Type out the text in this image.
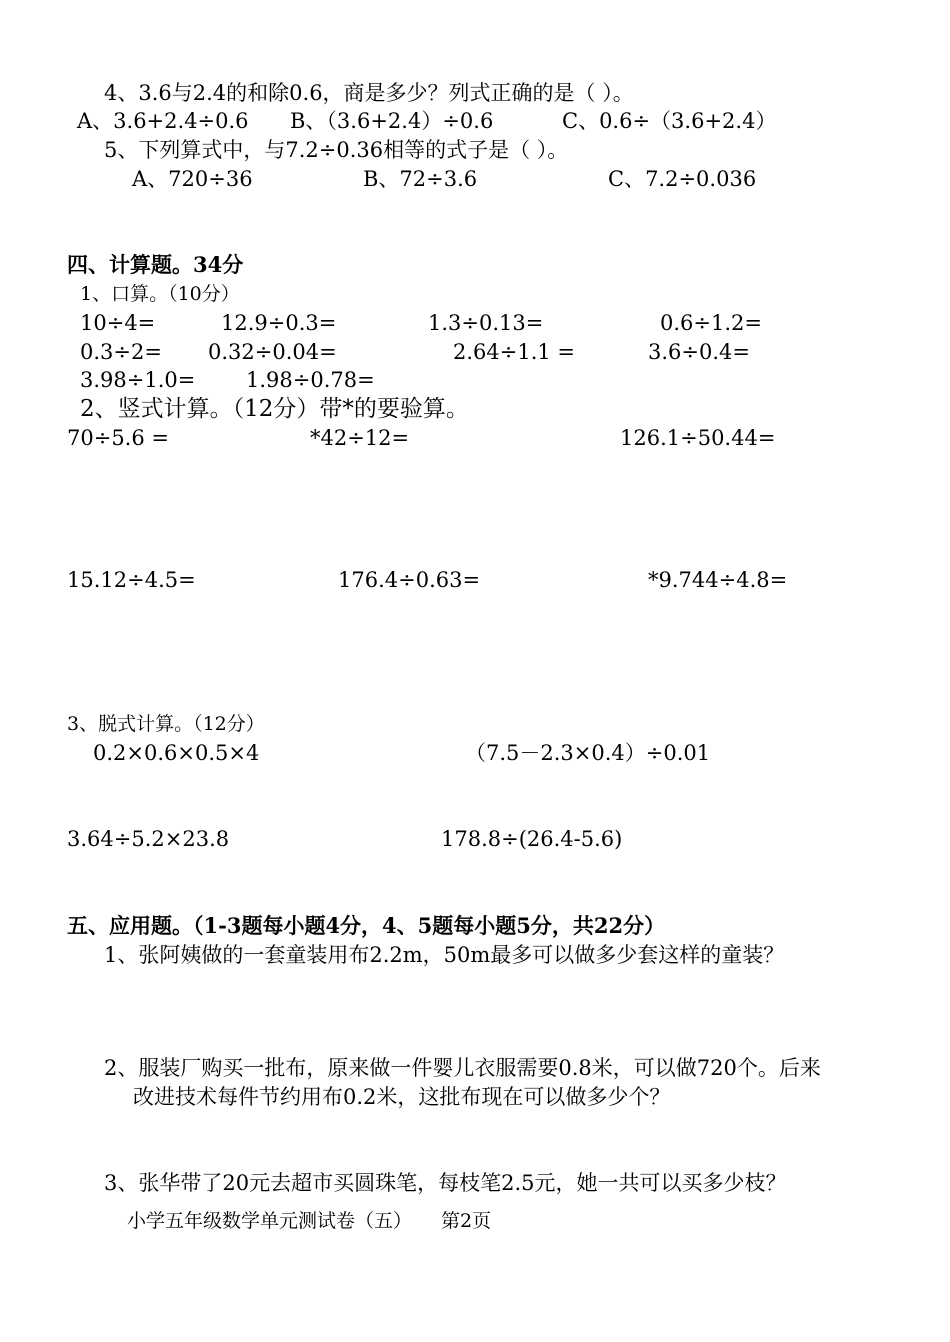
4、3.6与2.4的和除0.6，商是多少？列式正确的是（ ）。
A、3.6+2.4÷0.6 B、（3.6+2.4）÷0.6	C、0.6÷（3.6+2.4）
5、下列算式中，与7.2÷0.36相等的式子是（ ）。
A、720÷36	B、72÷3.6	C、7.2÷0.036
四、计算题。34分
1、口算。（10分）
10÷4=	12.9÷0.3=	1.3÷0.13=	0.6÷1.2=
0.3÷2= 0.32÷0.04=	2.64÷1.1 =	3.6÷0.4=
3.98÷1.0= 1.98÷0.78=
2、竖式计算。（12分）带*的要验算。
70÷5.6 =	*42÷12=	126.1÷50.44=
15.12÷4.5=	176.4÷0.63=	*9.744÷4.8=
3、脱式计算。（12分）
0.2×0.6×0.5×4	（7.5－2.3×0.4）÷0.01
3.64÷5.2×23.8	178.8÷(26.4-5.6)
五、应用题。（1-3题每小题4分，4、5题每小题5分，共22分）
1、张阿姨做的一套童装用布2.2m，50m最多可以做多少套这样的童装？
2、服装厂购买一批布，原来做一件婴儿衣服需要0.8米，可以做720个。后来
改进技术每件节约用布0.2米，这批布现在可以做多少个？
3、张华带了20元去超市买圆珠笔，每枝笔2.5元，她一共可以买多少枝？
小学五年级数学单元测试卷（五） 第2页
